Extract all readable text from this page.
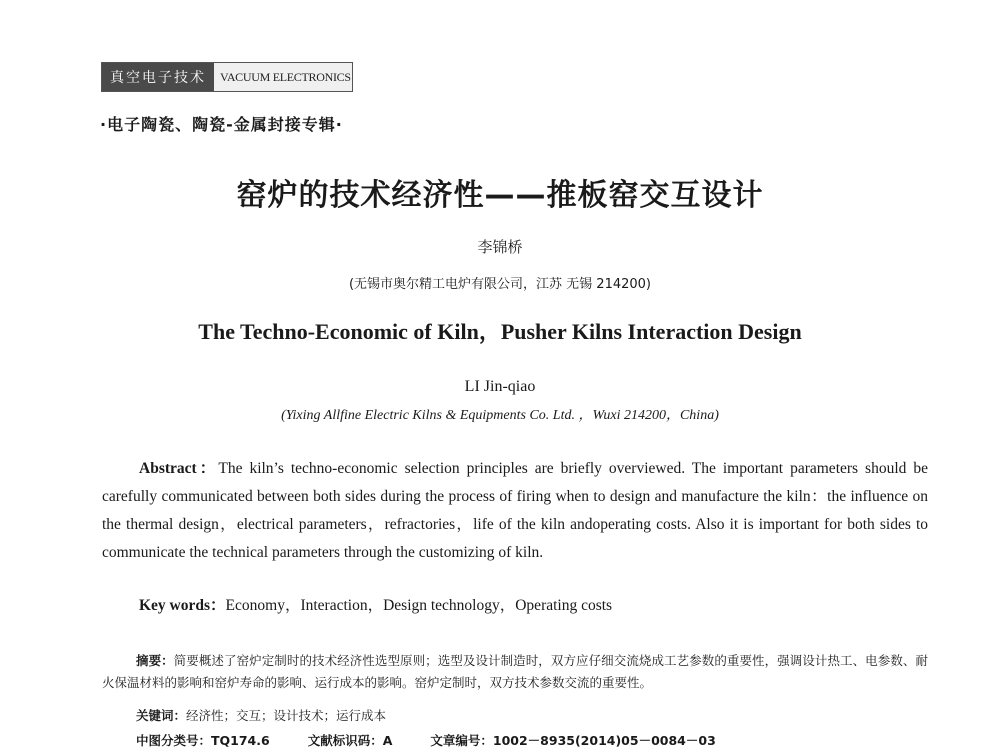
真空电子技术	VACUUM ELECTRONICS
·电子陶瓷、陶瓷-金属封接专辑·
窑炉的技术经济性——推板窑交互设计
李锦桥
(无锡市奥尔精工电炉有限公司，江苏 无锡 214200)
The Techno-Economic of Kiln，Pusher Kilns Interaction Design
LI Jin-qiao
(Yixing Allfine Electric Kilns & Equipments Co. Ltd. ，Wuxi 214200，China)
Abstract：The kiln’s techno-economic selection principles are briefly overviewed. The important parameters should be carefully communicated between both sides during the process of firing when to design and manufacture the kiln：the influence on the thermal design，electrical parameters，refractories，life of the kiln andoperating costs. Also it is important for both sides to communicate the technical parameters through the customizing of kiln.
Key words：Economy，Interaction，Design technology，Operating costs
摘要：简要概述了窑炉定制时的技术经济性选型原则；选型及设计制造时，双方应仔细交流烧成工艺参数的重要性，强调设计热工、电参数、耐火保温材料的影响和窑炉寿命的影响、运行成本的影响。窑炉定制时，双方技术参数交流的重要性。
关键词：经济性；交互；设计技术；运行成本
中图分类号：TQ174.6	文献标识码：A	文章编号：1002－8935(2014)05－0084－03
